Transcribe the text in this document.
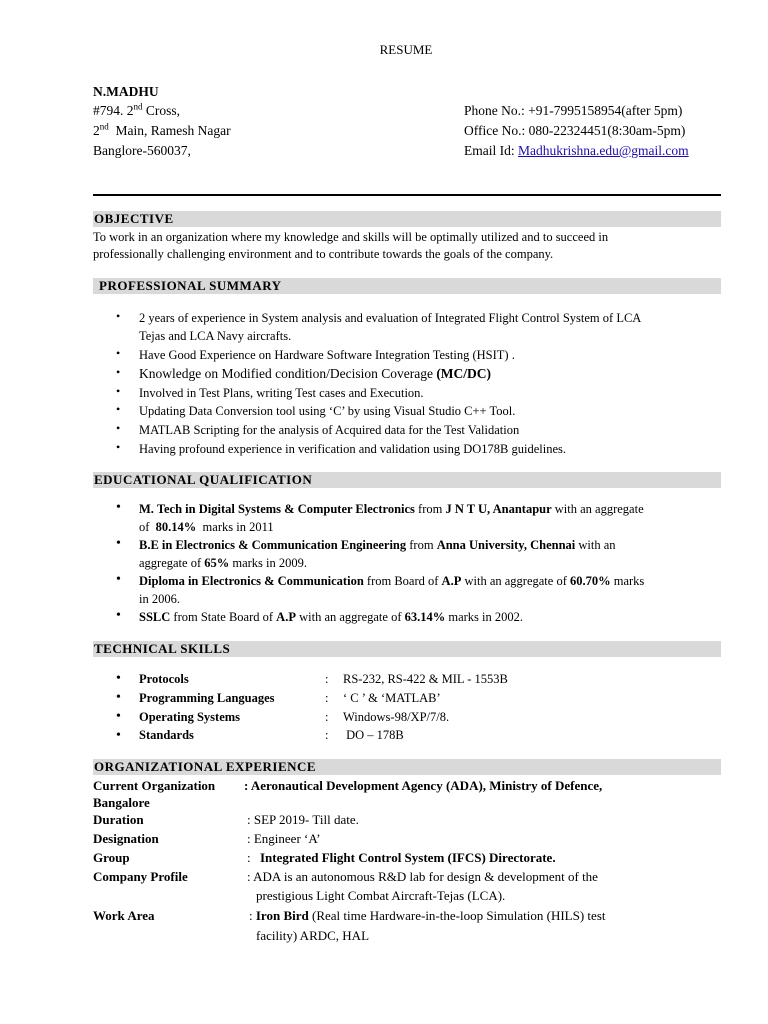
RESUME
N.MADHU
#794. 2nd Cross,
2nd  Main, Ramesh Nagar
Banglore-560037,
Phone No.: +91-7995158954(after 5pm)
Office No.: 080-22324451(8:30am-5pm)
Email Id: Madhukrishna.edu@gmail.com
OBJECTIVE
To work in an organization where my knowledge and skills will be optimally utilized and to succeed in
professionally challenging environment and to contribute towards the goals of the company.
PROFESSIONAL SUMMARY
• 2 years of experience in System analysis and evaluation of Integrated Flight Control System of LCA
Tejas and LCA Navy aircrafts.
• Have Good Experience on Hardware Software Integration Testing (HSIT) .
• Knowledge on Modified condition/Decision Coverage (MC/DC)
• Involved in Test Plans, writing Test cases and Execution.
• Updating Data Conversion tool using ‘C’ by using Visual Studio C++ Tool.
• MATLAB Scripting for the analysis of Acquired data for the Test Validation
• Having profound experience in verification and validation using DO178B guidelines.
EDUCATIONAL QUALIFICATION
• M. Tech in Digital Systems & Computer Electronics from J N T U, Anantapur with an aggregate
of  80.14%  marks in 2011
• B.E in Electronics & Communication Engineering from Anna University, Chennai with an
aggregate of 65% marks in 2009.
• Diploma in Electronics & Communication from Board of A.P with an aggregate of 60.70% marks
in 2006.
• SSLC from State Board of A.P with an aggregate of 63.14% marks in 2002.
TECHNICAL SKILLS
• Protocols	: RS-232, RS-422 & MIL - 1553B
• Programming Languages	: ‘ C ’ & ‘MATLAB’
• Operating Systems	: Windows-98/XP/7/8.
• Standards	: DO – 178B
ORGANIZATIONAL EXPERIENCE
Current Organization : Aeronautical Development Agency (ADA), Ministry of Defence,
Bangalore
Duration	: SEP 2019- Till date.
Designation	: Engineer ‘A’
Group	: Integrated Flight Control System (IFCS) Directorate.
Company Profile	: ADA is an autonomous R&D lab for design & development of the
prestigious Light Combat Aircraft-Tejas (LCA).
Work Area	: Iron Bird (Real time Hardware-in-the-loop Simulation (HILS) test
facility) ARDC, HAL
